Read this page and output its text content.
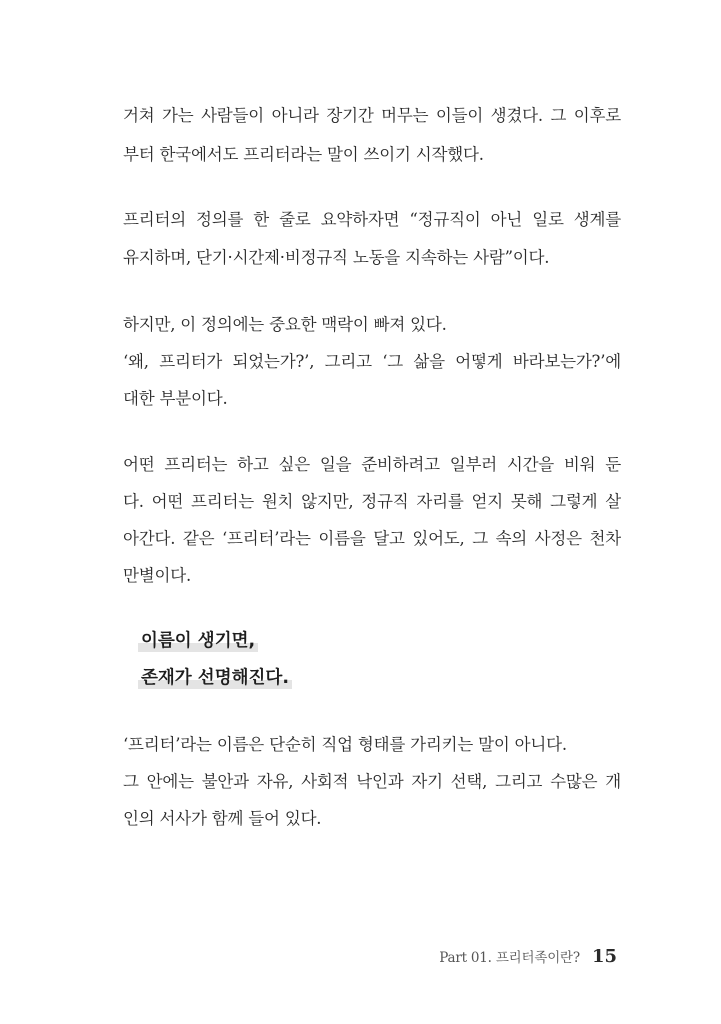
거쳐 가는 사람들이 아니라 장기간 머무는 이들이 생겼다. 그 이후로
부터 한국에서도 프리터라는 말이 쓰이기 시작했다.
프리터의 정의를 한 줄로 요약하자면 “정규직이 아닌 일로 생계를
유지하며, 단기·시간제·비정규직 노동을 지속하는 사람”이다.
하지만, 이 정의에는 중요한 맥락이 빠져 있다.
‘왜, 프리터가 되었는가?’, 그리고 ‘그 삶을 어떻게 바라보는가?’에
대한 부분이다.
어떤 프리터는 하고 싶은 일을 준비하려고 일부러 시간을 비워 둔
다. 어떤 프리터는 원치 않지만, 정규직 자리를 얻지 못해 그렇게 살
아간다. 같은 ‘프리터’라는 이름을 달고 있어도, 그 속의 사정은 천차
만별이다.
이름이 생기면,
존재가 선명해진다.
‘프리터’라는 이름은 단순히 직업 형태를 가리키는 말이 아니다.
그 안에는 불안과 자유, 사회적 낙인과 자기 선택, 그리고 수많은 개
인의 서사가 함께 들어 있다.
Part 01. 프리터족이란? 15
